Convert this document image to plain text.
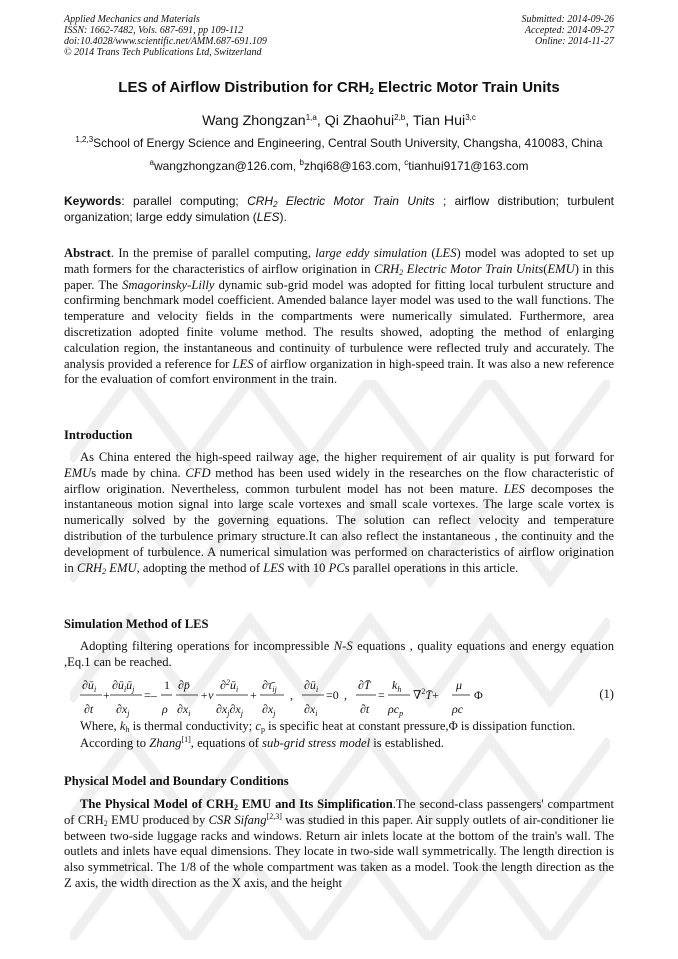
Applied Mechanics and Materials
ISSN: 1662-7482, Vols. 687-691, pp 109-112
doi:10.4028/www.scientific.net/AMM.687-691.109
© 2014 Trans Tech Publications Ltd, Switzerland
Submitted: 2014-09-26
Accepted: 2014-09-27
Online: 2014-11-27
LES of Airflow Distribution for $CRH_2$ Electric Motor Train Units
Wang Zhongzan$^{1,a}$, Qi Zhaohui$^{2,b}$, Tian Hui$^{3,c}$
$^{1,2,3}$School of Energy Science and Engineering, Central South University, Changsha, 410083, China
$^a$wangzhongzan@126.com, $^b$zhqi68@163.com, $^c$tianhui9171@163.com
Keywords: parallel computing; $CRH_2$ Electric Motor Train Units ; airflow distribution; turbulent organization; large eddy simulation (LES).
Abstract. In the premise of parallel computing, large eddy simulation (LES) model was adopted to set up math formers for the characteristics of airflow origination in $CRH_2$ Electric Motor Train Units(EMU) in this paper. The Smagorinsky-Lilly dynamic sub-grid model was adopted for fitting local turbulent structure and confirming benchmark model coefficient. Amended balance layer model was used to the wall functions. The temperature and velocity fields in the compartments were numerically simulated. Furthermore, area discretization adopted finite volume method. The results showed, adopting the method of enlarging calculation region, the instantaneous and continuity of turbulence were reflected truly and accurately. The analysis provided a reference for LES of airflow organization in high-speed train. It was also a new reference for the evaluation of comfort environment in the train.
Introduction
As China entered the high-speed railway age, the higher requirement of air quality is put forward for EMUs made by china. CFD method has been used widely in the researches on the flow characteristic of airflow origination. Nevertheless, common turbulent model has not been mature. LES decomposes the instantaneous motion signal into large scale vortexes and small scale vortexes. The large scale vortex is numerically solved by the governing equations. The solution can reflect velocity and temperature distribution of the turbulence primary structure.It can also reflect the instantaneous , the continuity and the development of turbulence. A numerical simulation was performed on characteristics of airflow origination in $CRH_2$ EMU, adopting the method of LES with 10 PCs parallel operations in this article.
Simulation Method of LES
Adopting filtering operations for incompressible N-S equations , quality equations and energy equation ,Eq.1 can be reached.
$\partial ū_i$
∂t
+
$\partial ū_iū_j$
$\partial x_j$
=–
1
ρ
∂p̄
$\partial x_i$
+ν
$\partial^2ū_i$
$\partial x_j\partial x_j$
+
$\partial\taū_{ij}$
$\partial x_j$
,
$\partial ū_i$
$\partial x_i$
=0 ,
∂T̄
∂t
=
$k_h$
$\rho c_p$
∇$^2$T̄+
μ
ρc
Φ	(1)
Where, $k_h$ is thermal conductivity; $c_p$ is specific heat at constant pressure,Φ is dissipation function.
According to Zhang[1], equations of sub-grid stress model is established.
Physical Model and Boundary Conditions
The Physical Model of $CRH_2$ EMU and Its Simplification.The second-class passengers' compartment of $CRH_2$ EMU produced by CSR Sifang[2,3] was studied in this paper. Air supply outlets of air-conditioner lie between two-side luggage racks and windows. Return air inlets locate at the bottom of the train's wall. The outlets and inlets have equal dimensions. They locate in two-side wall symmetrically. The length direction is also symmetrical. The 1/8 of the whole compartment was taken as a model. Took the length direction as the Z axis, the width direction as the X axis, and the height
